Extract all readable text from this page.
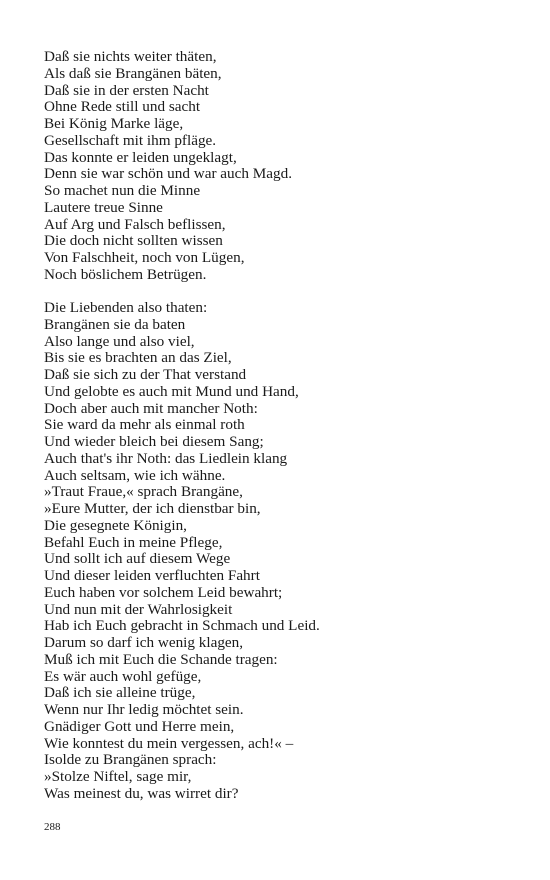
Daß sie nichts weiter thäten,
Als daß sie Brangänen bäten,
Daß sie in der ersten Nacht
Ohne Rede still und sacht
Bei König Marke läge,
Gesellschaft mit ihm pfläge.
Das konnte er leiden ungeklagt,
Denn sie war schön und war auch Magd.
So machet nun die Minne
Lautere treue Sinne
Auf Arg und Falsch beflissen,
Die doch nicht sollten wissen
Von Falschheit, noch von Lügen,
Noch böslichem Betrügen.
Die Liebenden also thaten:
Brangänen sie da baten
Also lange und also viel,
Bis sie es brachten an das Ziel,
Daß sie sich zu der That verstand
Und gelobte es auch mit Mund und Hand,
Doch aber auch mit mancher Noth:
Sie ward da mehr als einmal roth
Und wieder bleich bei diesem Sang;
Auch that's ihr Noth: das Liedlein klang
Auch seltsam, wie ich wähne.
»Traut Fraue,« sprach Brangäne,
»Eure Mutter, der ich dienstbar bin,
Die gesegnete Königin,
Befahl Euch in meine Pflege,
Und sollt ich auf diesem Wege
Und dieser leiden verfluchten Fahrt
Euch haben vor solchem Leid bewahrt;
Und nun mit der Wahrlosigkeit
Hab ich Euch gebracht in Schmach und Leid.
Darum so darf ich wenig klagen,
Muß ich mit Euch die Schande tragen:
Es wär auch wohl gefüge,
Daß ich sie alleine trüge,
Wenn nur Ihr ledig möchtet sein.
Gnädiger Gott und Herre mein,
Wie konntest du mein vergessen, ach!« –
Isolde zu Brangänen sprach:
»Stolze Niftel, sage mir,
Was meinest du, was wirret dir?
288
